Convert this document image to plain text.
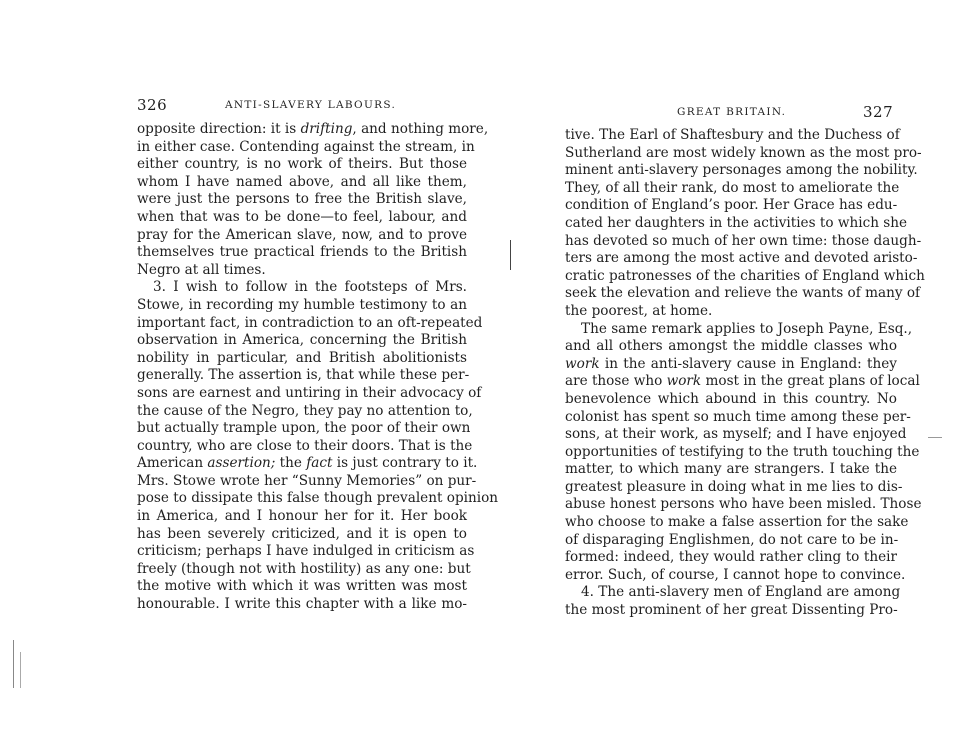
326	ANTI-SLAVERY LABOURS.
opposite direction: it is drifting, and nothing more,
in either case. Contending against the stream, in
either country, is no work of theirs. But those
whom I have named above, and all like them,
were just the persons to free the British slave,
when that was to be done—to feel, labour, and
pray for the American slave, now, and to prove
themselves true practical friends to the British
Negro at all times.
3. I wish to follow in the footsteps of Mrs.
Stowe, in recording my humble testimony to an
important fact, in contradiction to an oft-repeated
observation in America, concerning the British
nobility in particular, and British abolitionists
generally. The assertion is, that while these per-
sons are earnest and untiring in their advocacy of
the cause of the Negro, they pay no attention to,
but actually trample upon, the poor of their own
country, who are close to their doors. That is the
American assertion; the fact is just contrary to it.
Mrs. Stowe wrote her “Sunny Memories” on pur-
pose to dissipate this false though prevalent opinion
in America, and I honour her for it. Her book
has been severely criticized, and it is open to
criticism; perhaps I have indulged in criticism as
freely (though not with hostility) as any one: but
the motive with which it was written was most
honourable. I write this chapter with a like mo-
GREAT BRITAIN.	327
tive. The Earl of Shaftesbury and the Duchess of
Sutherland are most widely known as the most pro-
minent anti-slavery personages among the nobility.
They, of all their rank, do most to ameliorate the
condition of England’s poor. Her Grace has edu-
cated her daughters in the activities to which she
has devoted so much of her own time: those daugh-
ters are among the most active and devoted aristo-
cratic patronesses of the charities of England which
seek the elevation and relieve the wants of many of
the poorest, at home.
The same remark applies to Joseph Payne, Esq.,
and all others amongst the middle classes who
work in the anti-slavery cause in England: they
are those who work most in the great plans of local
benevolence which abound in this country. No
colonist has spent so much time among these per-
sons, at their work, as myself; and I have enjoyed
opportunities of testifying to the truth touching the
matter, to which many are strangers. I take the
greatest pleasure in doing what in me lies to dis-
abuse honest persons who have been misled. Those
who choose to make a false assertion for the sake
of disparaging Englishmen, do not care to be in-
formed: indeed, they would rather cling to their
error. Such, of course, I cannot hope to convince.
4. The anti-slavery men of England are among
the most prominent of her great Dissenting Pro-
